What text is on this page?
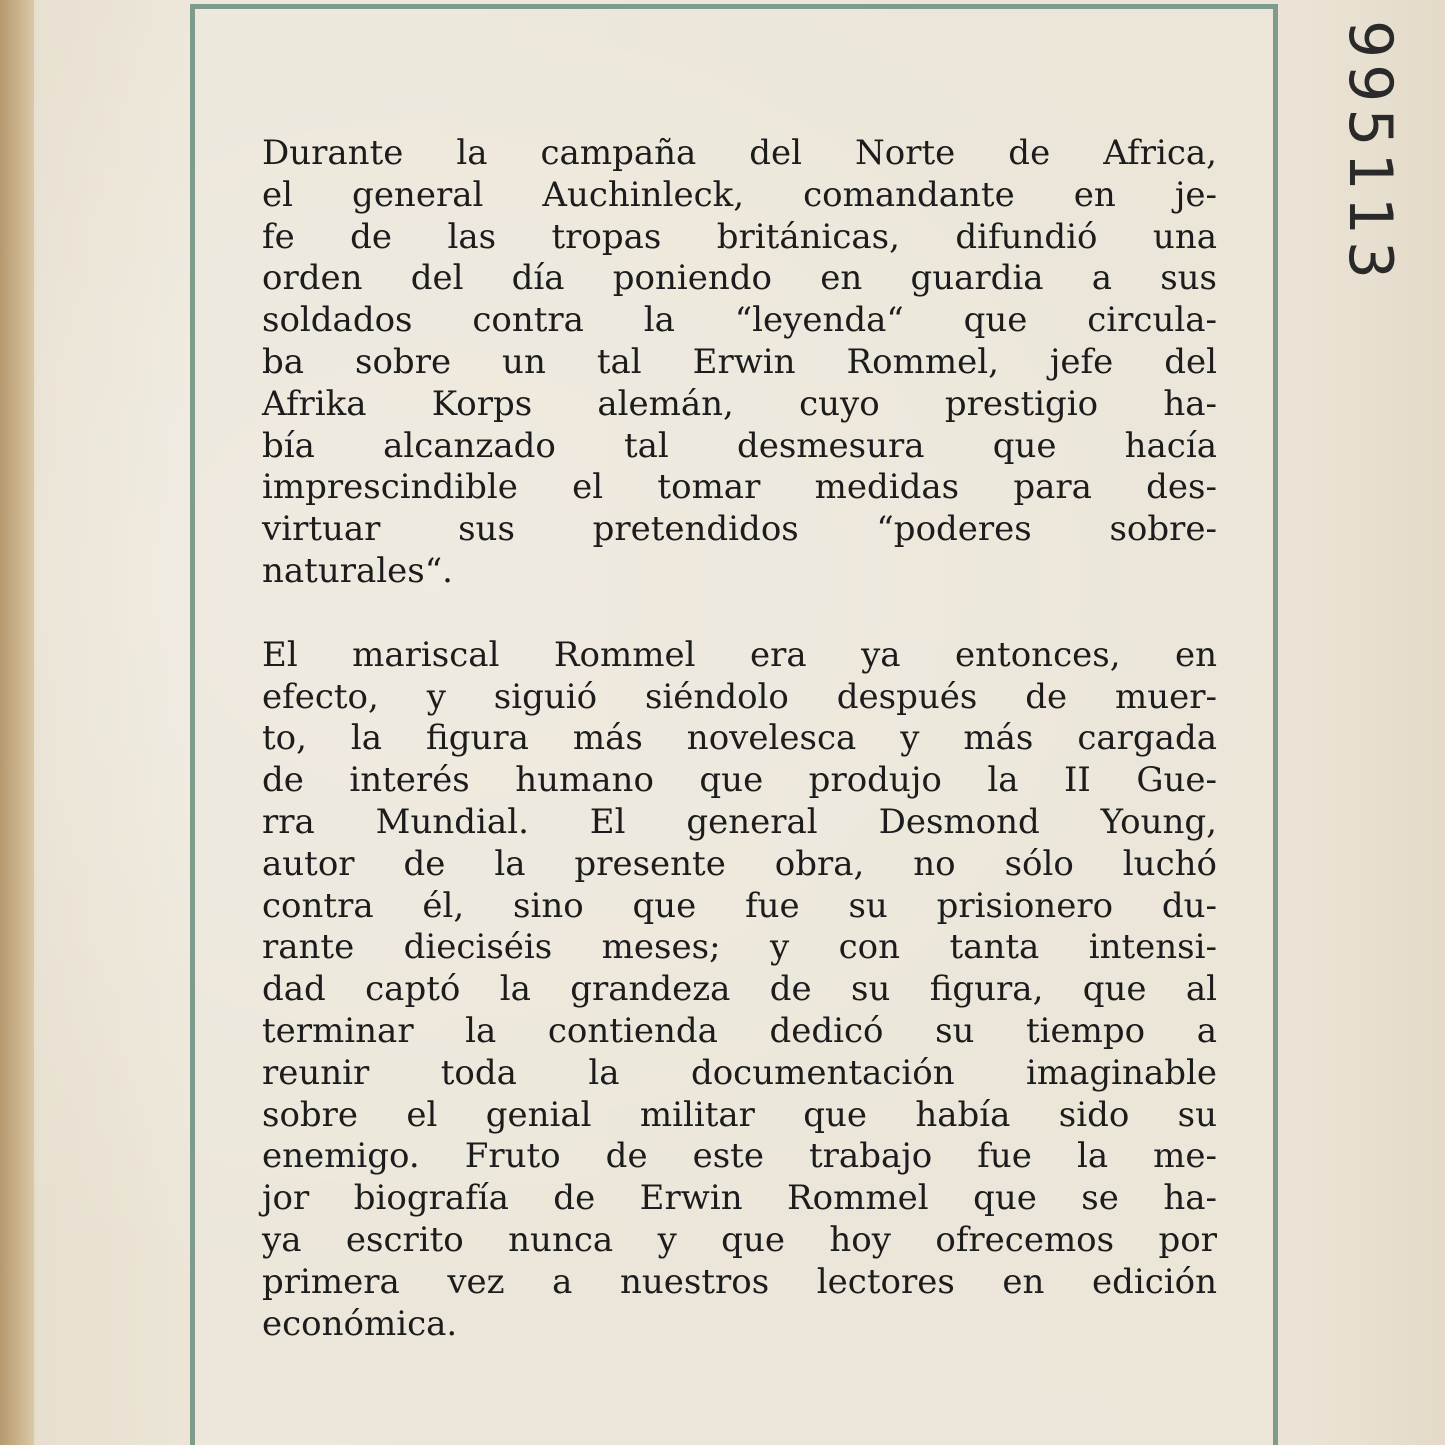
995113

Durante la campaña del Norte de Africa,
el general Auchinleck, comandante en je-
fe de las tropas británicas, difundió una
orden del día poniendo en guardia a sus
soldados contra la “leyenda“ que circula-
ba sobre un tal Erwin Rommel, jefe del
Afrika Korps alemán, cuyo prestigio ha-
bía alcanzado tal desmesura que hacía
imprescindible el tomar medidas para des-
virtuar sus pretendidos “poderes sobre-
naturales“.

El mariscal Rommel era ya entonces, en
efecto, y siguió siéndolo después de muer-
to, la figura más novelesca y más cargada
de interés humano que produjo la II Gue-
rra Mundial. El general Desmond Young,
autor de la presente obra, no sólo luchó
contra él, sino que fue su prisionero du-
rante dieciséis meses; y con tanta intensi-
dad captó la grandeza de su figura, que al
terminar la contienda dedicó su tiempo a
reunir toda la documentación imaginable
sobre el genial militar que había sido su
enemigo. Fruto de este trabajo fue la me-
jor biografía de Erwin Rommel que se ha-
ya escrito nunca y que hoy ofrecemos por
primera vez a nuestros lectores en edición
económica.
